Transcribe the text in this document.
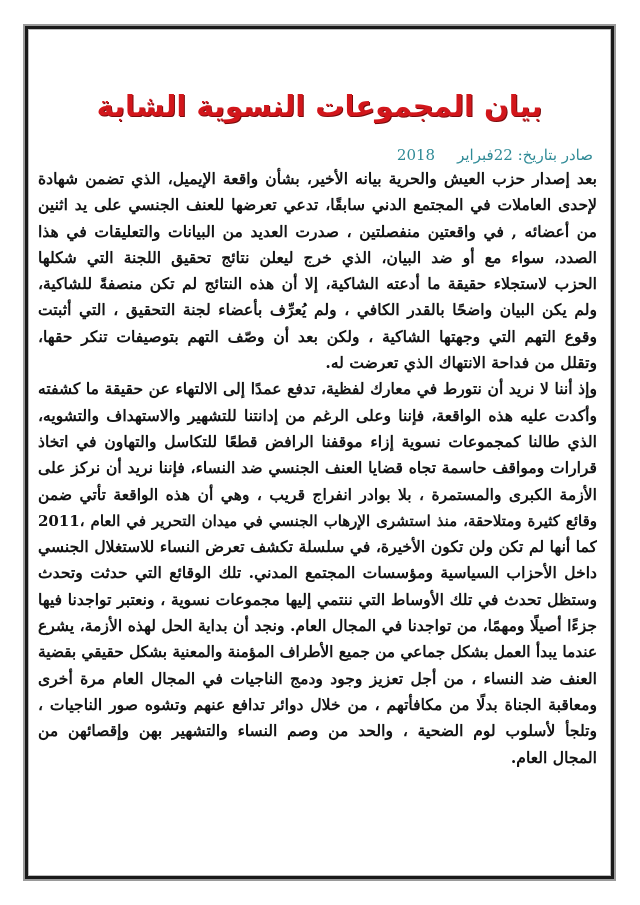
بيان المجموعات النسوية الشابة
صادر بتاريخ: 22فبراير2018
بعد إصدار حزب العيش والحرية بيانه الأخير، بشأن واقعة الإيميل، الذي تضمن شهادة
لإحدى العاملات في المجتمع الدني سابقًا، تدعي تعرضها للعنف الجنسي على يد اثنين
من أعضائه , في واقعتين منفصلتين ، صدرت العديد من البيانات والتعليقات في هذا
الصدد، سواء مع أو ضد البيان، الذي خرج ليعلن نتائج تحقيق اللجنة التي شكلها
الحزب لاستجلاء حقيقة ما أدعته الشاكية، إلا أن هذه النتائج لم تكن منصفةً للشاكية،
ولم يكن البيان واضحًا بالقدر الكافي ، ولم يُعرِّف بأعضاء لجنة التحقيق ، التي أثبتت
وقوع التهم التي وجهتها الشاكية ، ولكن بعد أن وصّف التهم بتوصيفات تنكر حقها،
وتقلل من فداحة الانتهاك الذي تعرضت له.
وإذ أننا لا نريد أن نتورط في معارك لفظية، تدفع عمدًا إلى الالتهاء عن حقيقة ما كشفته
وأكدت عليه هذه الواقعة، فإننا وعلى الرغم من إدانتنا للتشهير والاستهداف والتشويه،
الذي طالنا كمجموعات نسوية إزاء موقفنا الرافض قطعًا للتكاسل والتهاون في اتخاذ
قرارات ومواقف حاسمة تجاه قضايا العنف الجنسي ضد النساء، فإننا نريد أن نركز على
الأزمة الكبرى والمستمرة ، بلا بوادر انفراج قريب ، وهي أن هذه الواقعة تأتي ضمن
وقائع كثيرة ومتلاحقة، منذ استشرى الإرهاب الجنسي في ميدان التحرير في العام ،2011
كما أنها لم تكن ولن تكون الأخيرة، في سلسلة تكشف تعرض النساء للاستغلال الجنسي
داخل الأحزاب السياسية ومؤسسات المجتمع المدني. تلك الوقائع التي حدثت وتحدث
وستظل تحدث في تلك الأوساط التي ننتمي إليها مجموعات نسوية ، ونعتبر تواجدنا فيها
جزءًا أصيلًا ومهمًا، من تواجدنا في المجال العام. ونجد أن بداية الحل لهذه الأزمة، يشرع
عندما يبدأ العمل بشكل جماعي من جميع الأطراف المؤمنة والمعنية بشكل حقيقي بقضية
العنف ضد النساء ، من أجل تعزيز وجود ودمج الناجيات في المجال العام مرة أخرى
ومعاقبة الجناة بدلًا من مكافأتهم ، من خلال دوائر تدافع عنهم وتشوه صور الناجيات ،
وتلجأ لأسلوب لوم الضحية ، والحد من وصم النساء والتشهير بهن وإقصائهن من
المجال العام.
